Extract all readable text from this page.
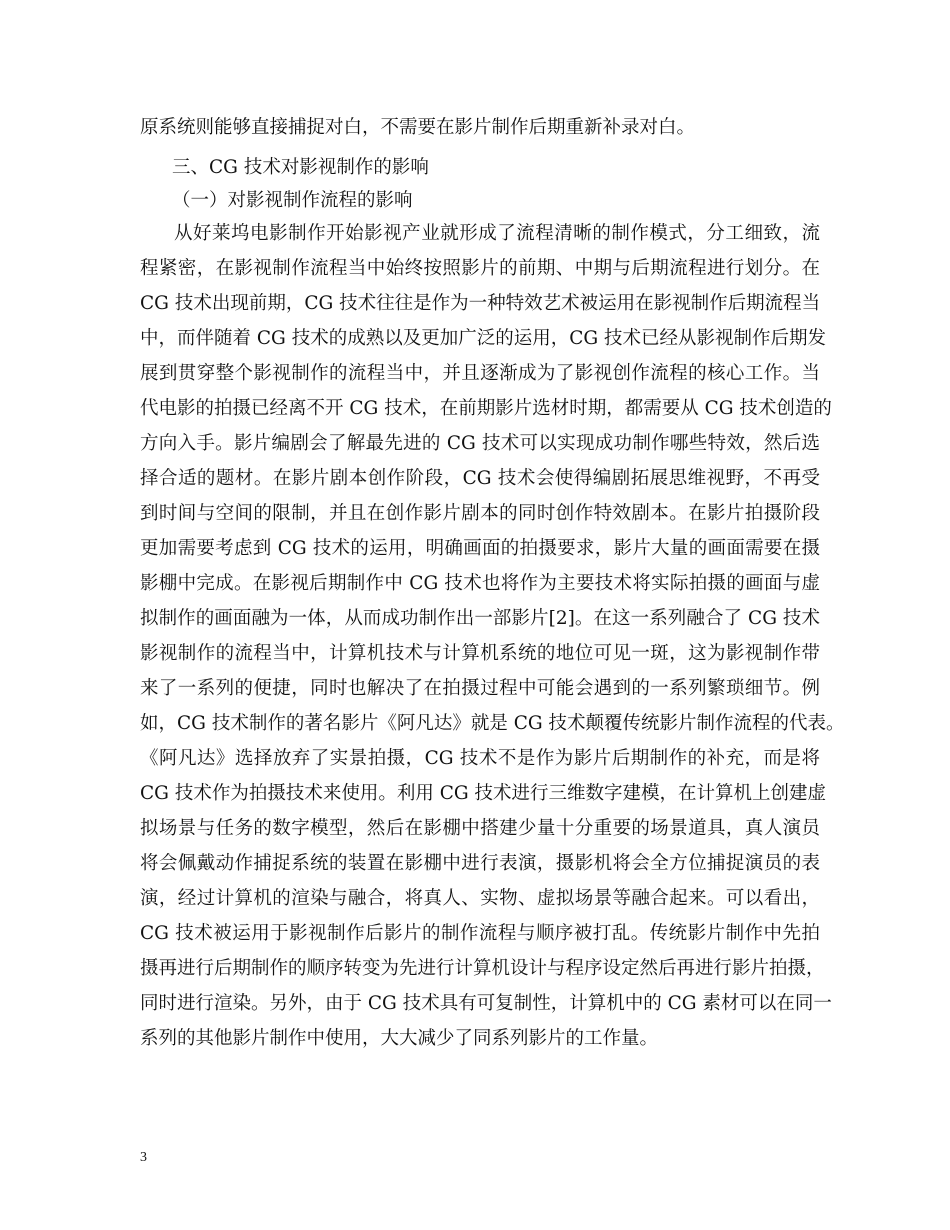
原系统则能够直接捕捉对白，不需要在影片制作后期重新补录对白。
三、CG 技术对影视制作的影响
（一）对影视制作流程的影响
从好莱坞电影制作开始影视产业就形成了流程清晰的制作模式，分工细致，流
程紧密，在影视制作流程当中始终按照影片的前期、中期与后期流程进行划分。在
CG 技术出现前期，CG 技术往往是作为一种特效艺术被运用在影视制作后期流程当
中，而伴随着 CG 技术的成熟以及更加广泛的运用，CG 技术已经从影视制作后期发
展到贯穿整个影视制作的流程当中，并且逐渐成为了影视创作流程的核心工作。当
代电影的拍摄已经离不开 CG 技术，在前期影片选材时期，都需要从 CG 技术创造的
方向入手。影片编剧会了解最先进的 CG 技术可以实现成功制作哪些特效，然后选
择合适的题材。在影片剧本创作阶段，CG 技术会使得编剧拓展思维视野，不再受
到时间与空间的限制，并且在创作影片剧本的同时创作特效剧本。在影片拍摄阶段
更加需要考虑到 CG 技术的运用，明确画面的拍摄要求，影片大量的画面需要在摄
影棚中完成。在影视后期制作中 CG 技术也将作为主要技术将实际拍摄的画面与虚
拟制作的画面融为一体，从而成功制作出一部影片[2]。在这一系列融合了 CG 技术
影视制作的流程当中，计算机技术与计算机系统的地位可见一斑，这为影视制作带
来了一系列的便捷，同时也解决了在拍摄过程中可能会遇到的一系列繁琐细节。例
如，CG 技术制作的著名影片《阿凡达》就是 CG 技术颠覆传统影片制作流程的代表。
《阿凡达》选择放弃了实景拍摄，CG 技术不是作为影片后期制作的补充，而是将
CG 技术作为拍摄技术来使用。利用 CG 技术进行三维数字建模，在计算机上创建虚
拟场景与任务的数字模型，然后在影棚中搭建少量十分重要的场景道具，真人演员
将会佩戴动作捕捉系统的装置在影棚中进行表演，摄影机将会全方位捕捉演员的表
演，经过计算机的渲染与融合，将真人、实物、虚拟场景等融合起来。可以看出，
CG 技术被运用于影视制作后影片的制作流程与顺序被打乱。传统影片制作中先拍
摄再进行后期制作的顺序转变为先进行计算机设计与程序设定然后再进行影片拍摄，
同时进行渲染。另外，由于 CG 技术具有可复制性，计算机中的 CG 素材可以在同一
系列的其他影片制作中使用，大大减少了同系列影片的工作量。
3
